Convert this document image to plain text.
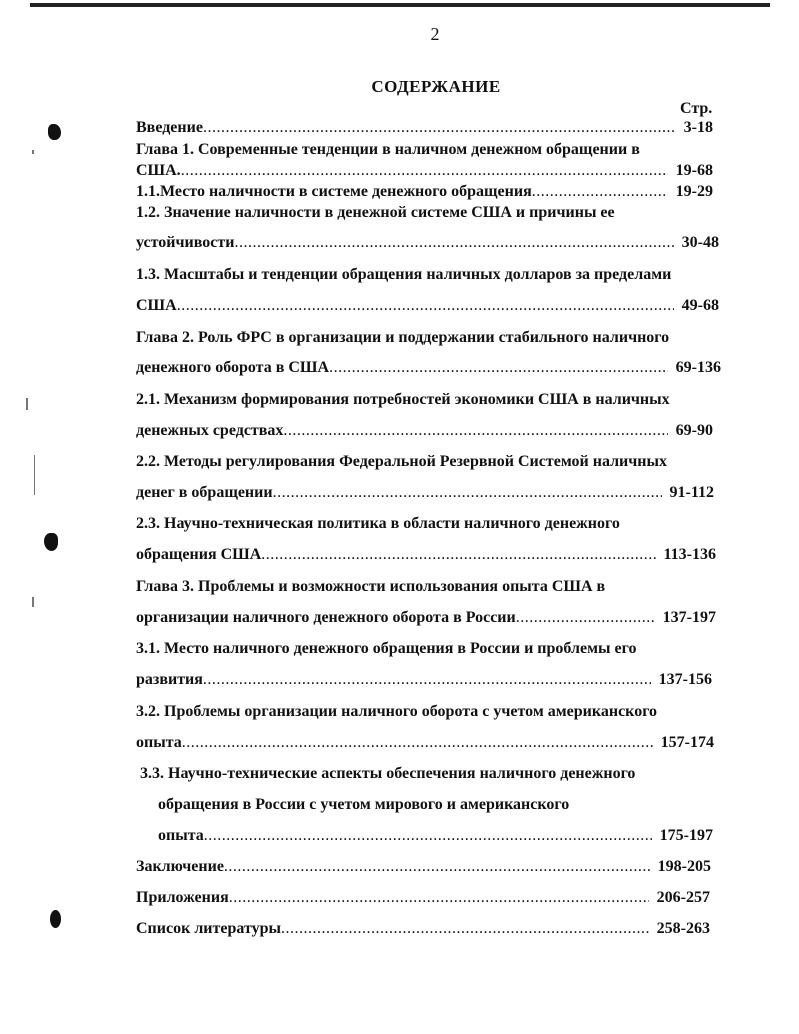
2
СОДЕРЖАНИЕ
Стр.
Введение .....	3-18
Глава 1. Современные тенденции в наличном денежном обращении в
США. .....	19-68
1.1.Место наличности в системе денежного обращения .....	19-29
1.2. Значение наличности в денежной системе США и причины ее
устойчивости .....	30-48
1.3. Масштабы и тенденции обращения наличных долларов за пределами
США .....	49-68
Глава 2. Роль ФРС в организации и поддержании стабильного наличного
денежного оборота в США .....	69-136
2.1. Механизм формирования потребностей экономики США в наличных
денежных средствах .....	69-90
2.2. Методы регулирования Федеральной Резервной Системой наличных
денег в обращении .....	91-112
2.3. Научно-техническая политика в области наличного денежного
обращения США .....	113-136
Глава 3. Проблемы и возможности использования опыта США в
организации наличного денежного оборота в России .....	137-197
3.1. Место наличного денежного обращения в России и проблемы его
развития .....	137-156
3.2. Проблемы организации наличного оборота с учетом американского
опыта .....	157-174
3.3. Научно-технические аспекты обеспечения наличного денежного
обращения в России с учетом мирового и американского
опыта .....	175-197
Заключение .....	198-205
Приложения .....	206-257
Список литературы .....	258-263
